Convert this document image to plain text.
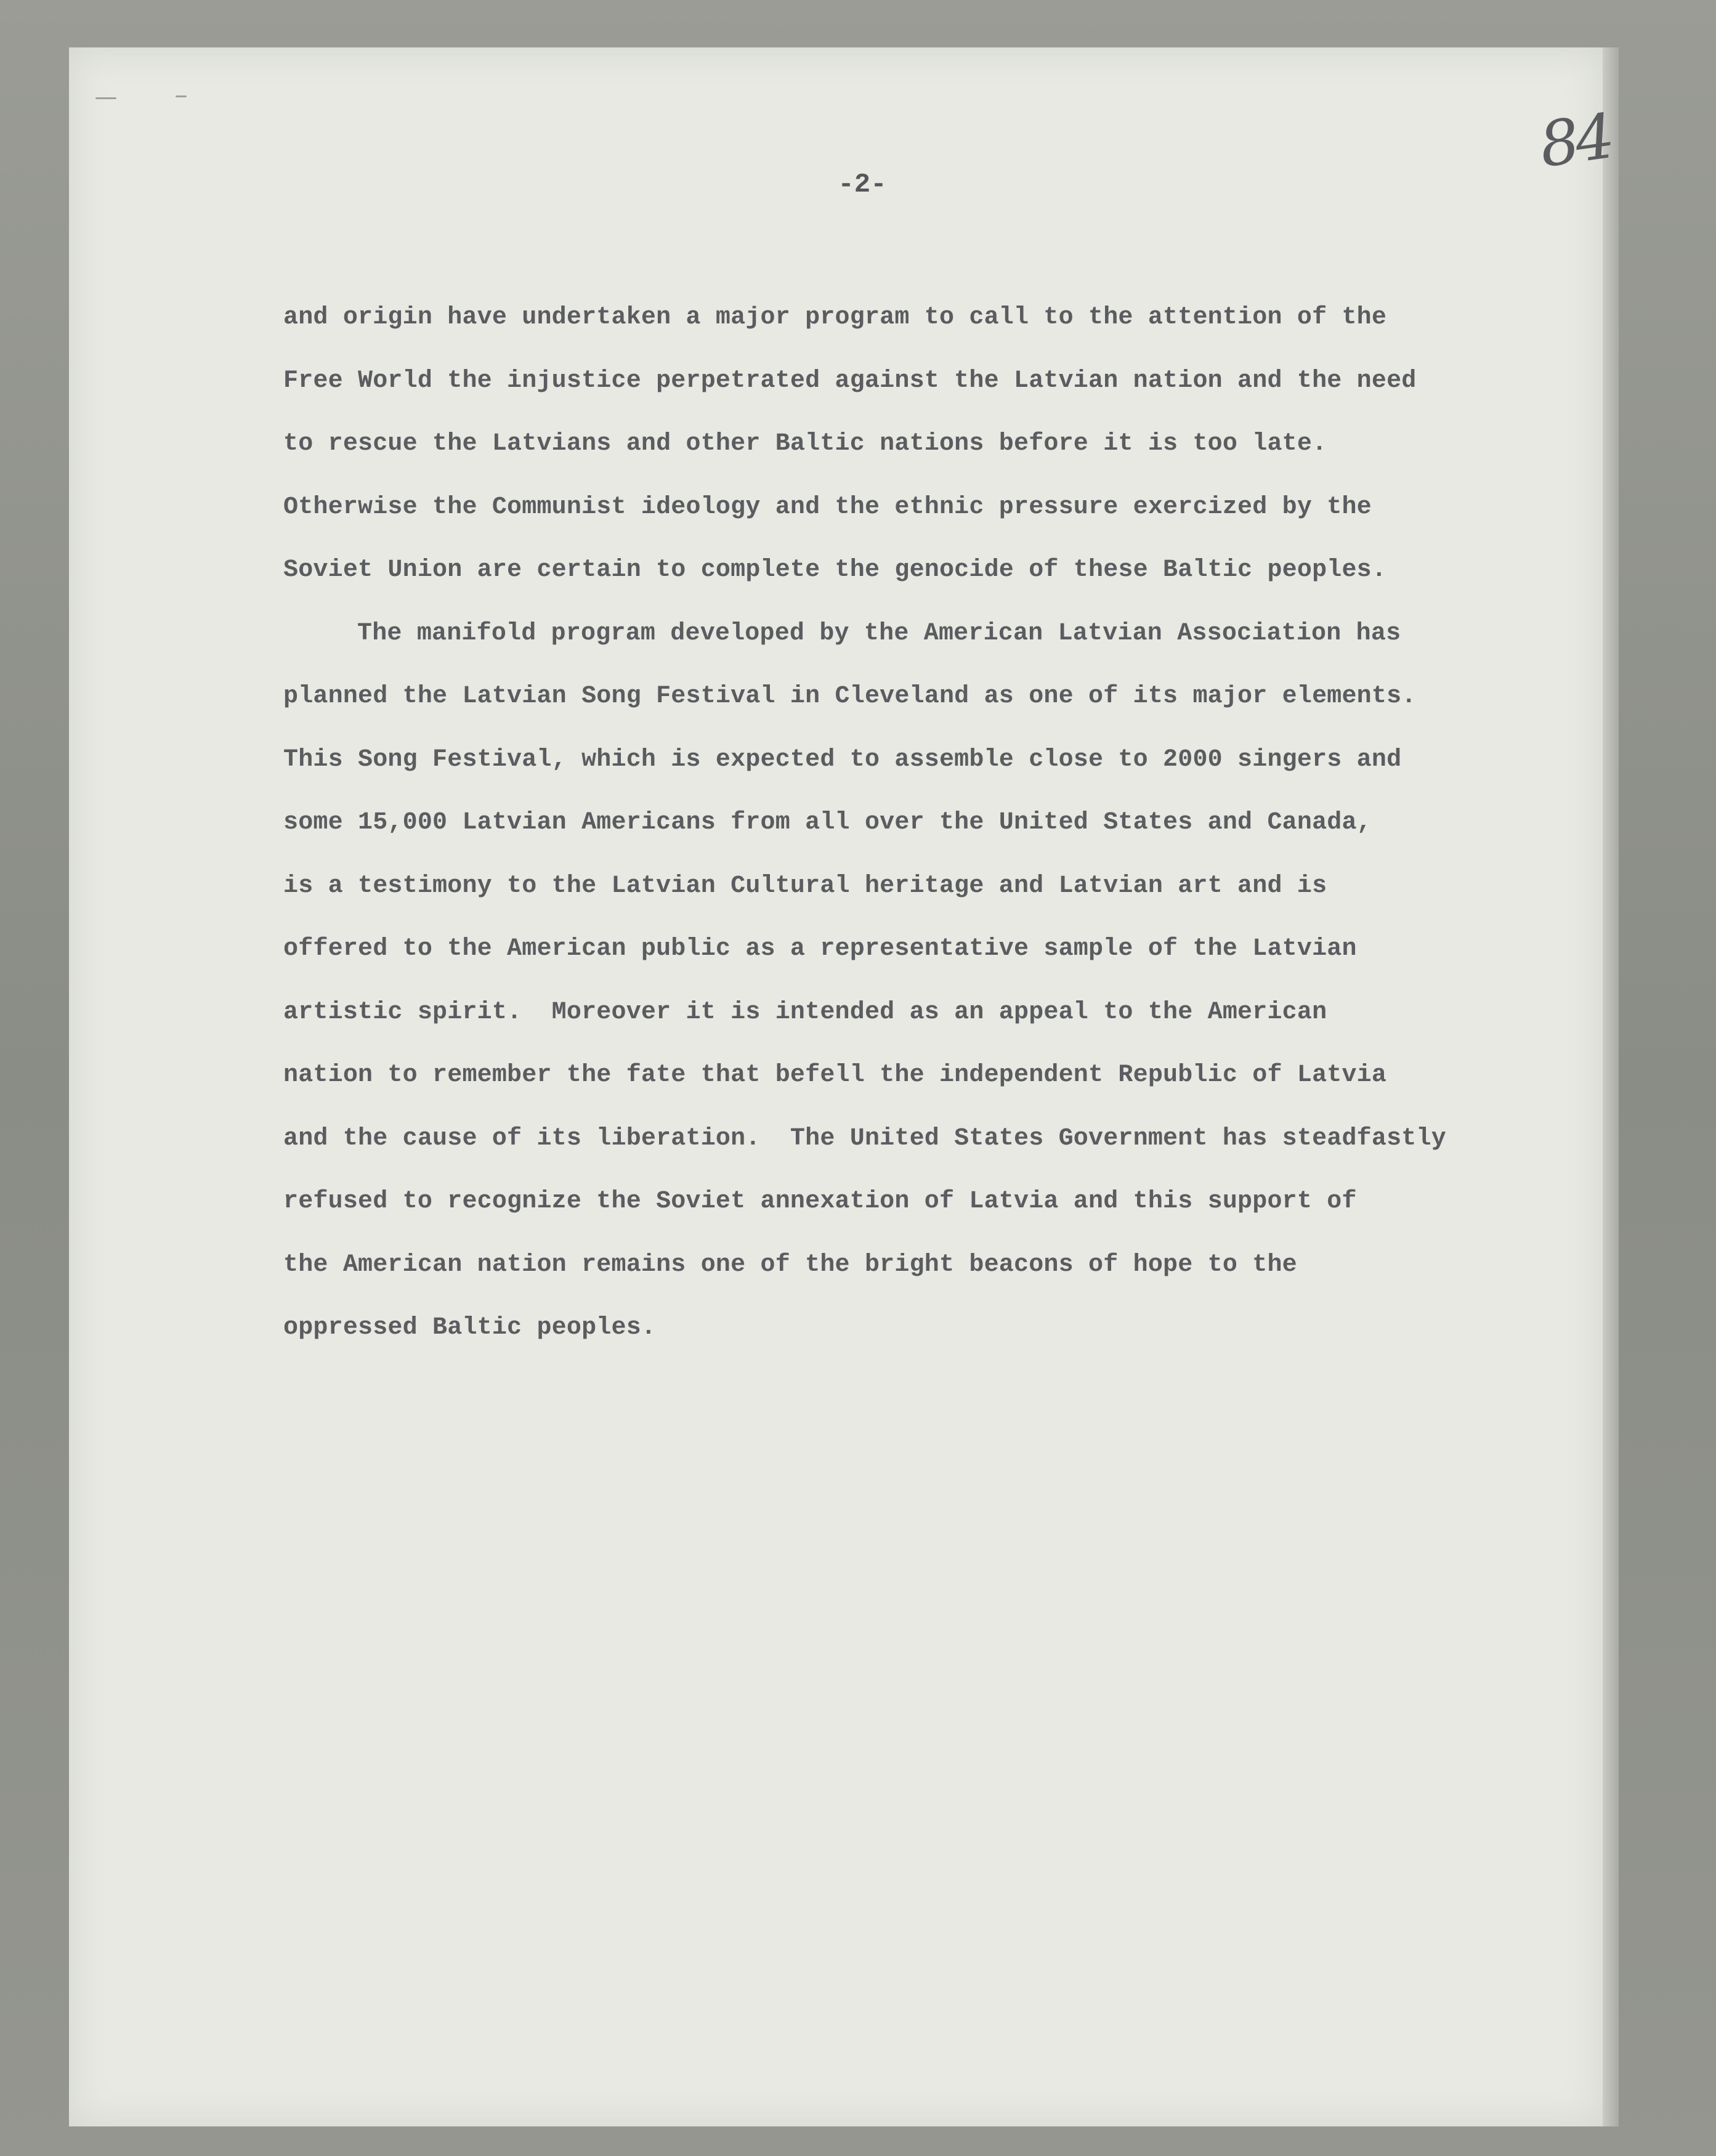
84
-2-
and origin have undertaken a major program to call to the attention of the
Free World the injustice perpetrated against the Latvian nation and the need
to rescue the Latvians and other Baltic nations before it is too late.
Otherwise the Communist ideology and the ethnic pressure exercized by the
Soviet Union are certain to complete the genocide of these Baltic peoples.
The manifold program developed by the American Latvian Association has
planned the Latvian Song Festival in Cleveland as one of its major elements.
This Song Festival, which is expected to assemble close to 2000 singers and
some 15,000 Latvian Americans from all over the United States and Canada,
is a testimony to the Latvian Cultural heritage and Latvian art and is
offered to the American public as a representative sample of the Latvian
artistic spirit.  Moreover it is intended as an appeal to the American
nation to remember the fate that befell the independent Republic of Latvia
and the cause of its liberation.  The United States Government has steadfastly
refused to recognize the Soviet annexation of Latvia and this support of
the American nation remains one of the bright beacons of hope to the
oppressed Baltic peoples.
